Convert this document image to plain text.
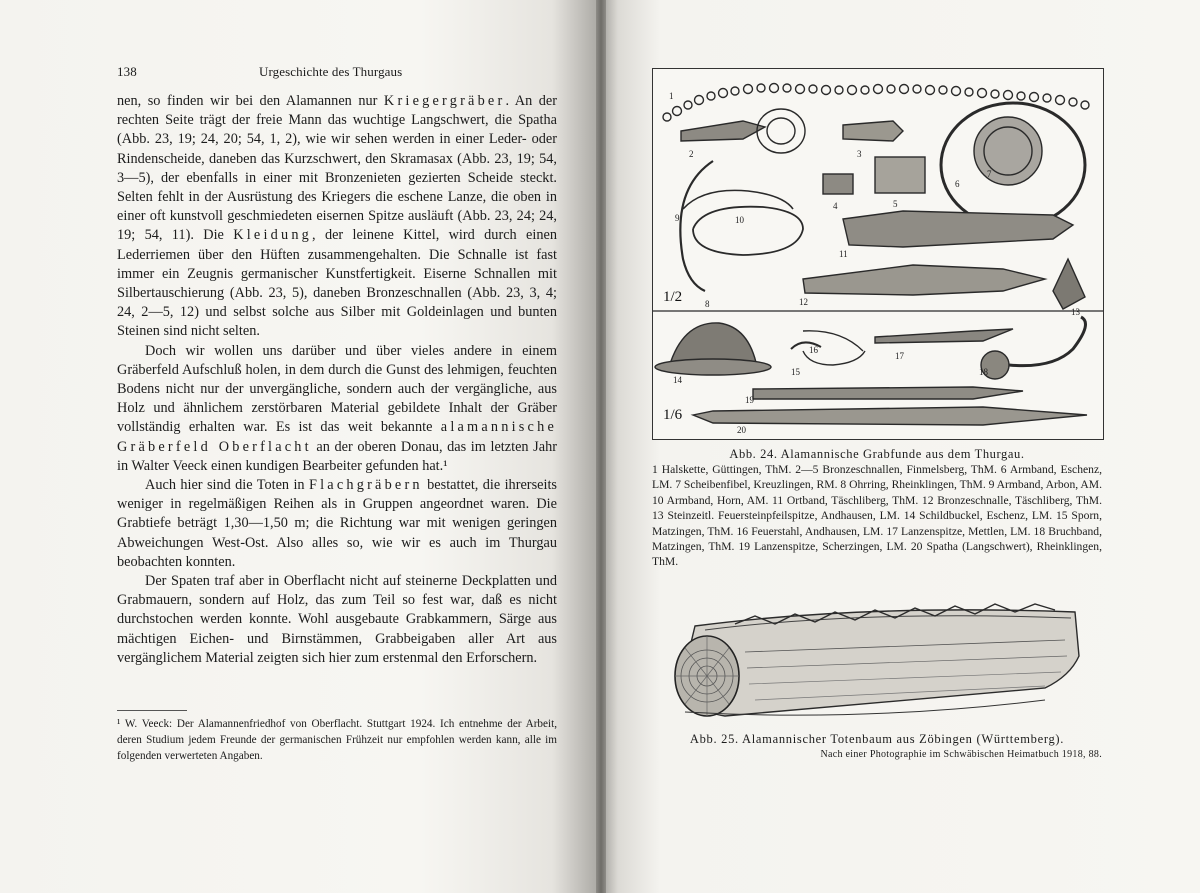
138	Urgeschichte des Thurgaus

nen, so finden wir bei den Alamannen nur Kriegergräber. An der rechten Seite trägt der freie Mann das wuchtige Langschwert, die Spatha (Abb. 23, 19; 24, 20; 54, 1, 2), wie wir sehen werden in einer Leder- oder Rindenscheide, daneben das Kurzschwert, den Skramasax (Abb. 23, 19; 54, 3—5), der ebenfalls in einer mit Bronzenieten gezierten Scheide steckt. Selten fehlt in der Ausrüstung des Kriegers die eschene Lanze, die oben in einer oft kunstvoll geschmiedeten eisernen Spitze ausläuft (Abb. 23, 24; 24, 19; 54, 11). Die Kleidung, der leinene Kittel, wird durch einen Lederriemen über den Hüften zusammengehalten. Die Schnalle ist fast immer ein Zeugnis germanischer Kunstfertigkeit. Eiserne Schnallen mit Silbertauschierung (Abb. 23, 5), daneben Bronzeschnallen (Abb. 23, 3, 4; 24, 2—5, 12) und selbst solche aus Silber mit Goldeinlagen und bunten Steinen sind nicht selten.

Doch wir wollen uns darüber und über vieles andere in einem Gräberfeld Aufschluß holen, in dem durch die Gunst des lehmigen, feuchten Bodens nicht nur der unvergängliche, sondern auch der vergängliche, aus Holz und ähnlichem zerstörbaren Material gebildete Inhalt der Gräber vollständig erhalten war. Es ist das weit bekannte alamannische Gräberfeld Oberflacht an der oberen Donau, das im letzten Jahr in Walter Veeck einen kundigen Bearbeiter gefunden hat.¹

Auch hier sind die Toten in Flachgräbern bestattet, die ihrerseits weniger in regelmäßigen Reihen als in Gruppen angeordnet waren. Die Grabtiefe beträgt 1,30—1,50 m; die Richtung war mit wenigen geringen Abweichungen West-Ost. Also alles so, wie wir es auch im Thurgau beobachten konnten.

Der Spaten traf aber in Oberflacht nicht auf steinerne Deckplatten und Grabmauern, sondern auf Holz, das zum Teil so fest war, daß es nicht durchstochen werden konnte. Wohl ausgebaute Grabkammern, Särge aus mächtigen Eichen- und Birnstämmen, Grabbeigaben aller Art aus vergänglichem Material zeigten sich hier zum erstenmal den Erforschern.

¹ W. Veeck: Der Alamannenfriedhof von Oberflacht. Stuttgart 1924. Ich entnehme der Arbeit, deren Studium jedem Freunde der germanischen Frühzeit nur empfohlen werden kann, alle im folgenden verwerteten Angaben.
1
2	3
4	5
6
7
8
9	10
11
12
13
14
15
16
17
18
19
20
1/2
1/6
Abb. 24. Alamannische Grabfunde aus dem Thurgau.
1 Halskette, Güttingen, ThM. 2—5 Bronzeschnallen, Finmelsberg, ThM. 6 Armband, Eschenz, LM. 7 Scheibenfibel, Kreuzlingen, RM. 8 Ohrring, Rheinklingen, ThM. 9 Armband, Arbon, AM. 10 Armband, Horn, AM. 11 Ortband, Täschliberg, ThM. 12 Bronzeschnalle, Täschliberg, ThM. 13 Steinzeitl. Feuersteinpfeilspitze, Andhausen, LM. 14 Schildbuckel, Eschenz, LM. 15 Sporn, Matzingen, ThM. 16 Feuerstahl, Andhausen, LM. 17 Lanzenspitze, Mettlen, LM. 18 Bruchband, Matzingen, ThM. 19 Lanzenspitze, Scherzingen, LM. 20 Spatha (Langschwert), Rheinklingen, ThM.
Abb. 25. Alamannischer Totenbaum aus Zöbingen (Württemberg).
Nach einer Photographie im Schwäbischen Heimatbuch 1918, 88.
